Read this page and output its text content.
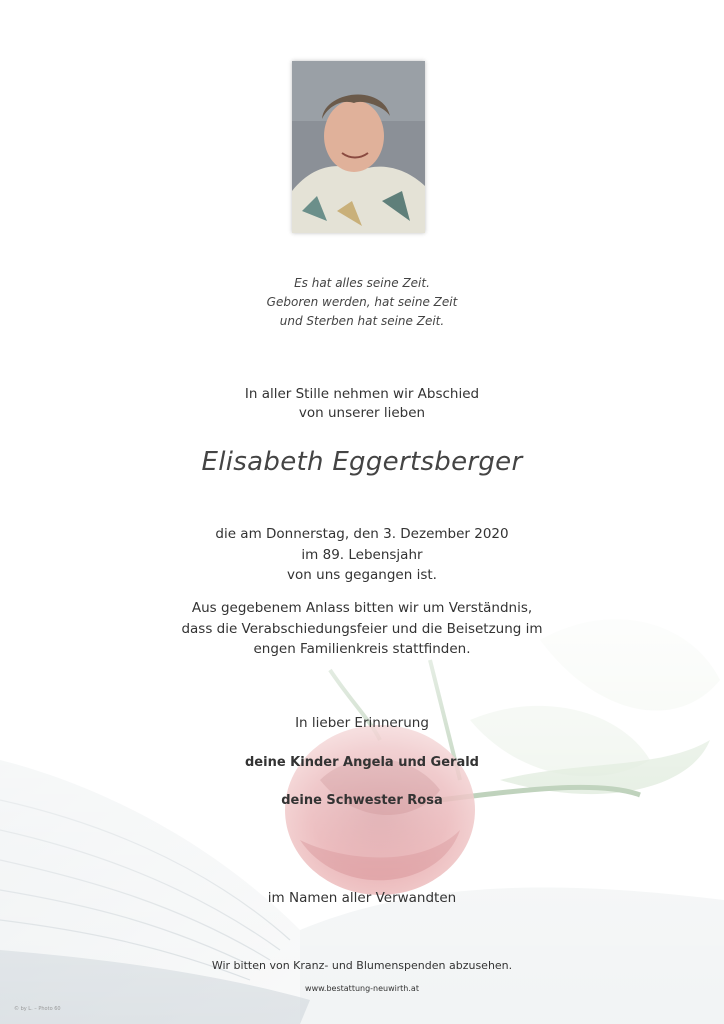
Es hat alles seine Zeit.
Geboren werden, hat seine Zeit
und Sterben hat seine Zeit.
In aller Stille nehmen wir Abschied
von unserer lieben
Elisabeth Eggertsberger
die am Donnerstag, den 3. Dezember 2020
im 89. Lebensjahr
von uns gegangen ist.
Aus gegebenem Anlass bitten wir um Verständnis,
dass die Verabschiedungsfeier und die Beisetzung im
engen Familienkreis stattfinden.
In lieber Erinnerung
deine Kinder Angela und Gerald
deine Schwester Rosa
im Namen aller Verwandten
Wir bitten von Kranz- und Blumenspenden abzusehen.
www.bestattung-neuwirth.at
© by L. – Photo 60
